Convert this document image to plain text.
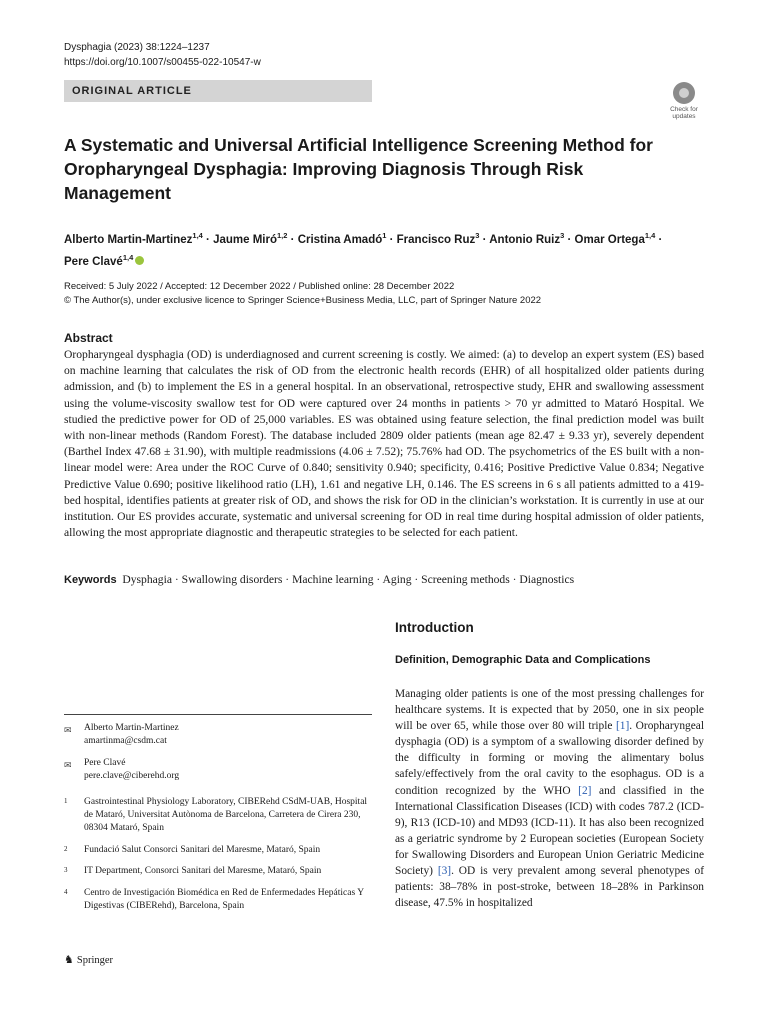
Dysphagia (2023) 38:1224–1237
https://doi.org/10.1007/s00455-022-10547-w
ORIGINAL ARTICLE
Check for
updates
A Systematic and Universal Artificial Intelligence Screening Method for Oropharyngeal Dysphagia: Improving Diagnosis Through Risk Management
Alberto Martin‑Martinez$^{1,4}$ · Jaume Miró$^{1,2}$ · Cristina Amadó$^1$ · Francisco Ruz$^3$ · Antonio Ruiz$^3$ · Omar Ortega$^{1,4}$ ·
Pere Clavé$^{1,4}$
Received: 5 July 2022 / Accepted: 12 December 2022 / Published online: 28 December 2022
© The Author(s), under exclusive licence to Springer Science+Business Media, LLC, part of Springer Nature 2022
Abstract
Oropharyngeal dysphagia (OD) is underdiagnosed and current screening is costly. We aimed: (a) to develop an expert system (ES) based on machine learning that calculates the risk of OD from the electronic health records (EHR) of all hospitalized older patients during admission, and (b) to implement the ES in a general hospital. In an observational, retrospective study, EHR and swallowing assessment using the volume-viscosity swallow test for OD were captured over 24 months in patients > 70 yr admitted to Mataró Hospital. We studied the predictive power for OD of 25,000 variables. ES was obtained using feature selection, the final prediction model was built with non-linear methods (Random Forest). The database included 2809 older patients (mean age 82.47 ± 9.33 yr), severely dependent (Barthel Index 47.68 ± 31.90), with multiple readmissions (4.06 ± 7.52); 75.76% had OD. The psychometrics of the ES built with a non-linear model were: Area under the ROC Curve of 0.840; sensitivity 0.940; specificity, 0.416; Positive Predictive Value 0.834; Negative Predictive Value 0.690; positive likelihood ratio (LH), 1.61 and negative LH, 0.146. The ES screens in 6 s all patients admitted to a 419-bed hospital, identifies patients at greater risk of OD, and shows the risk for OD in the clinician’s workstation. It is currently in use at our institution. Our ES provides accurate, systematic and universal screening for OD in real time during hospital admission of older patients, allowing the most appropriate diagnostic and therapeutic strategies to be selected for each patient.
Keywords Dysphagia · Swallowing disorders · Machine learning · Aging · Screening methods · Diagnostics
Introduction
Definition, Demographic Data and Complications
Managing older patients is one of the most pressing challenges for healthcare systems. It is expected that by 2050, one in six people will be over 65, while those over 80 will triple [1]. Oropharyngeal dysphagia (OD) is a symptom of a swallowing disorder defined by the difficulty in forming or moving the alimentary bolus safely/effectively from the oral cavity to the esophagus. OD is a condition recognized by the WHO [2] and classified in the International Classification Diseases (ICD) with codes 787.2 (ICD-9), R13 (ICD-10) and MD93 (ICD-11). It has also been recognized as a geriatric syndrome by 2 European societies (European Society for Swallowing Disorders and European Union Geriatric Medicine Society) [3]. OD is very prevalent among several phenotypes of patients: 38–78% in post-stroke, between 18–28% in Parkinson disease, 47.5% in hospitalized
✉ Alberto Martin‑Martinez
amartinma@csdm.cat
✉ Pere Clavé
pere.clave@ciberehd.org
1 Gastrointestinal Physiology Laboratory, CIBERehd CSdM-UAB, Hospital de Mataró, Universitat Autònoma de Barcelona, Carretera de Cirera 230, 08304 Mataró, Spain
2 Fundació Salut Consorci Sanitari del Maresme, Mataró, Spain
3 IT Department, Consorci Sanitari del Maresme, Mataró, Spain
4 Centro de Investigación Biomédica en Red de Enfermedades Hepáticas Y Digestivas (CIBERehd), Barcelona, Spain
♞ Springer
